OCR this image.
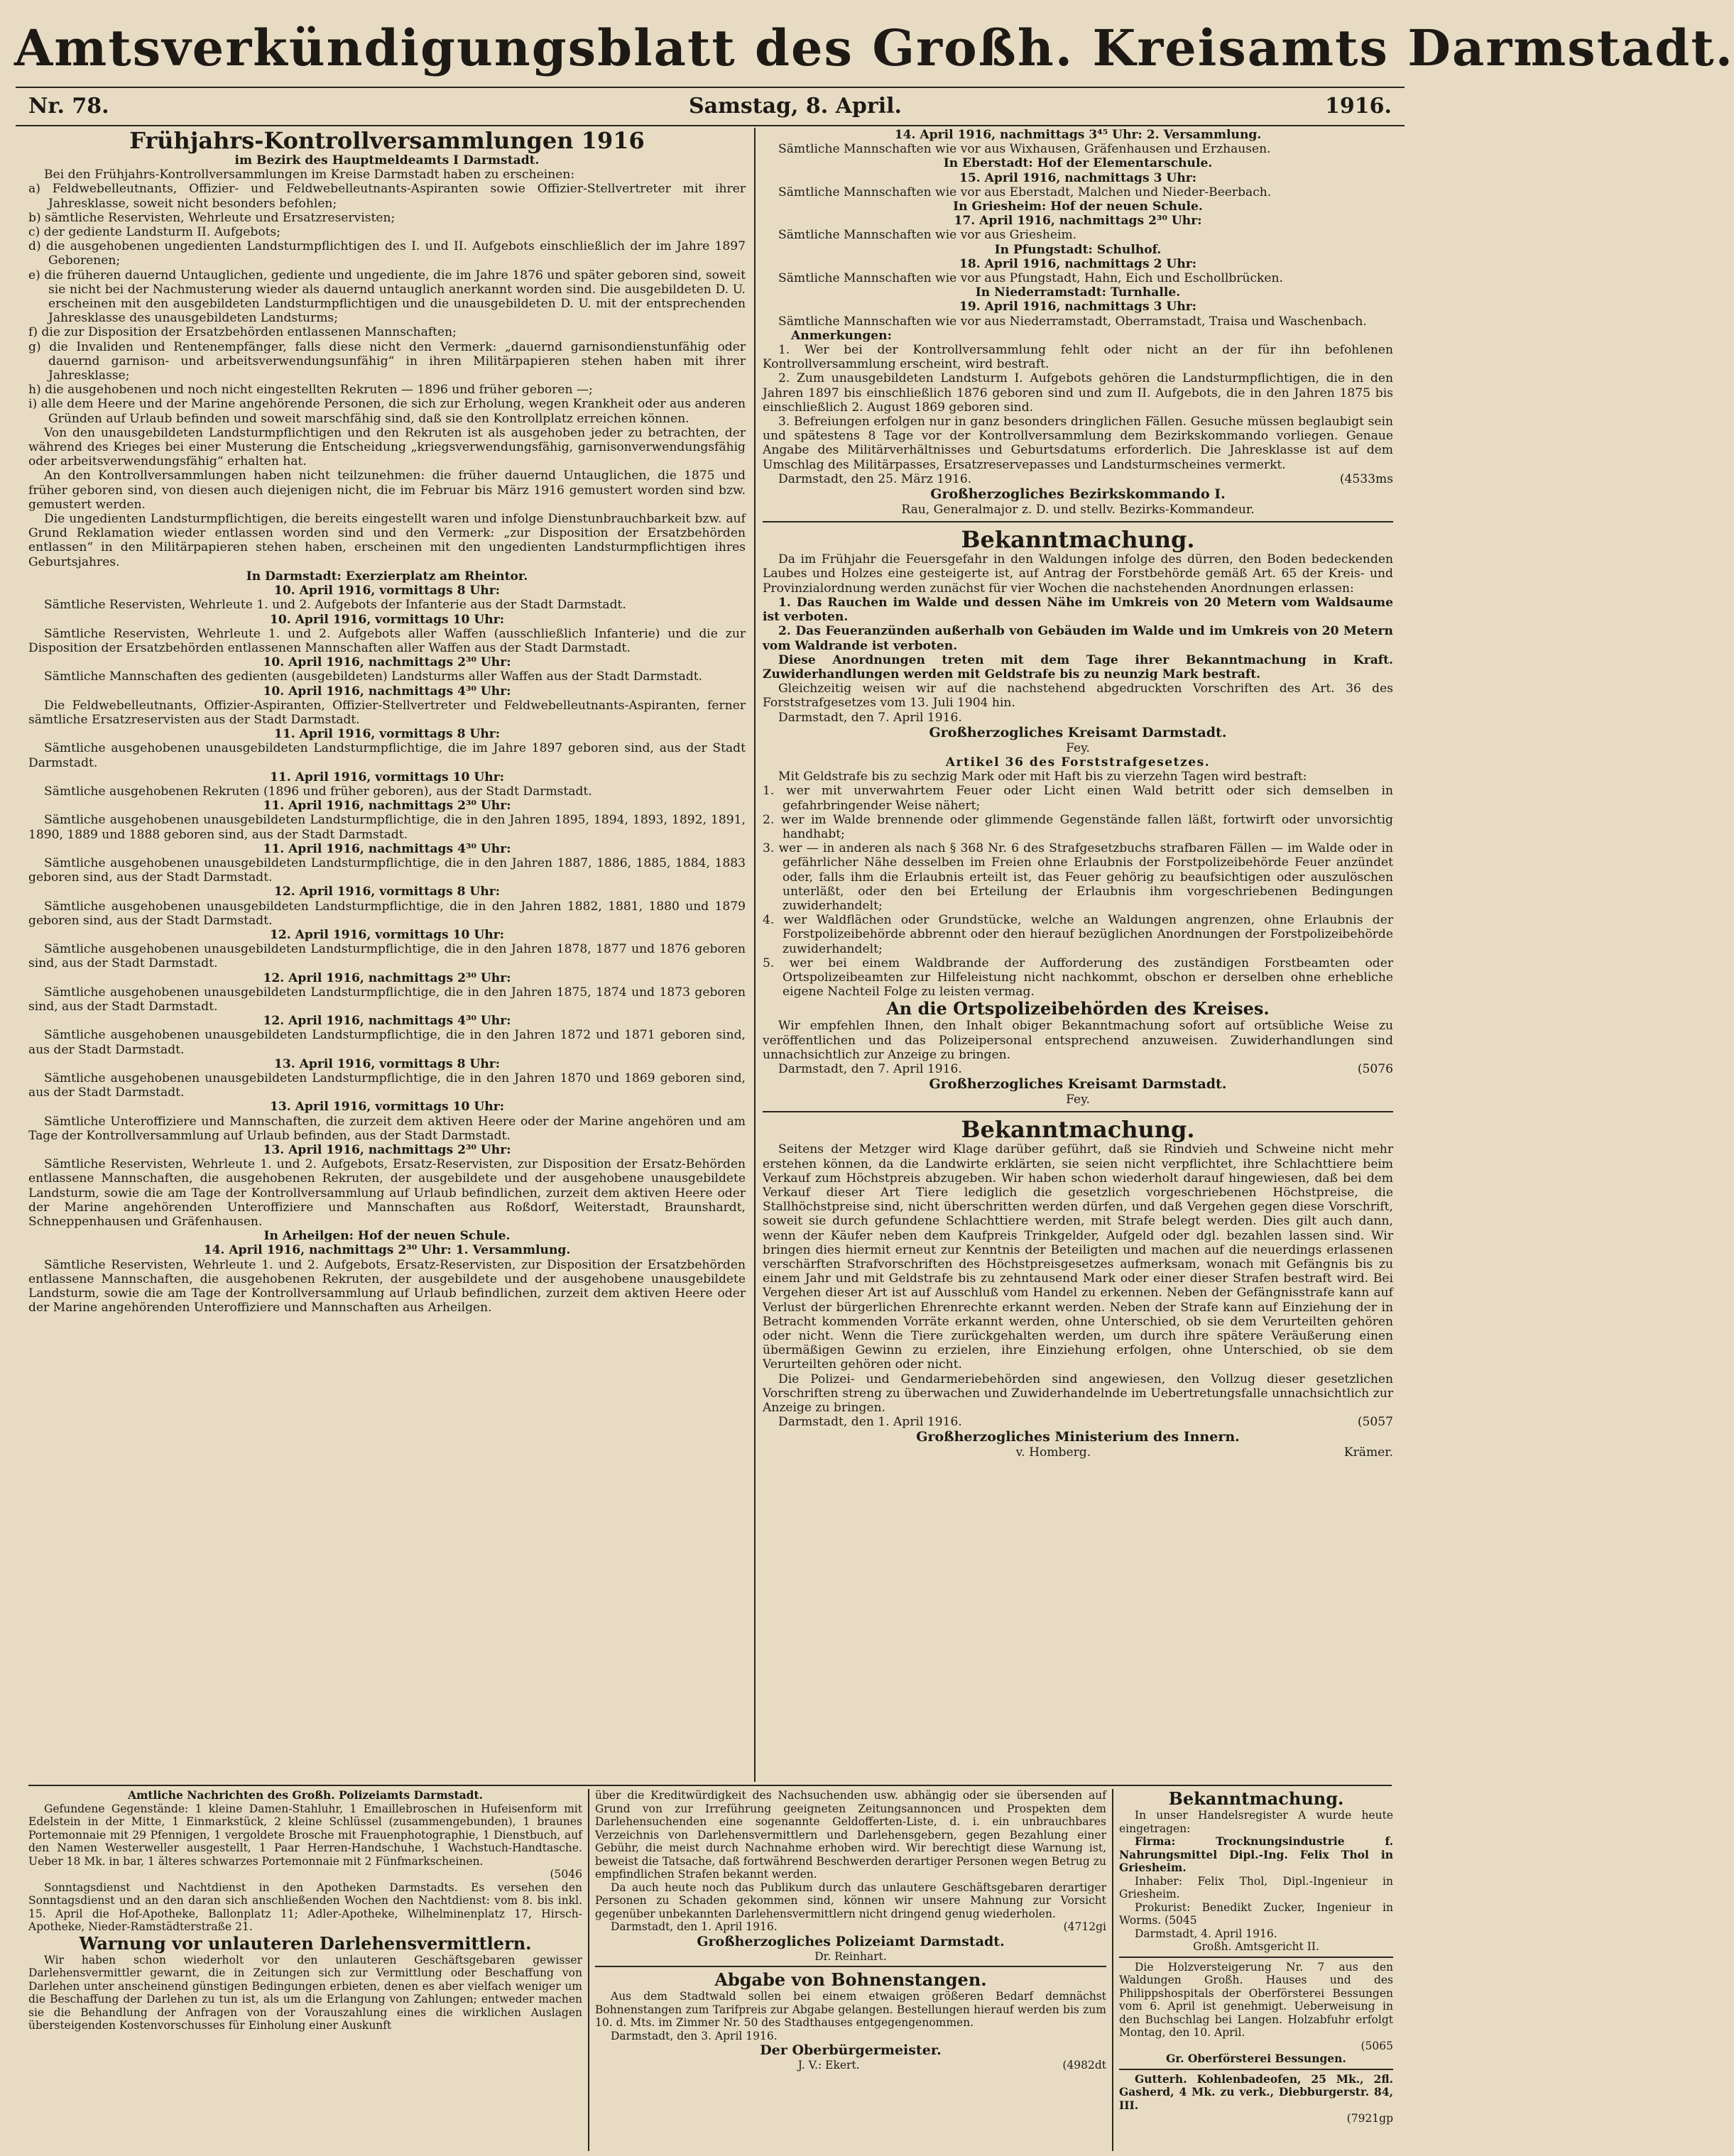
Amtsverkündigungsblatt des Großh. Kreisamts Darmstadt.
Nr. 78.	Samstag, 8. April.	1916.
Frühjahrs-Kontrollversammlungen 1916

im Bezirk des Hauptmeldeamts I Darmstadt.

Bei den Frühjahrs-Kontrollversammlungen im Kreise Darmstadt haben zu erscheinen:

a) Feldwebelleutnants, Offizier- und Feldwebelleutnants-Aspiranten sowie Offizier-Stellvertreter mit ihrer Jahresklasse, soweit nicht besonders befohlen;
b) sämtliche Reservisten, Wehrleute und Ersatzreservisten;
c) der gediente Landsturm II. Aufgebots;
d) die ausgehobenen ungedienten Landsturmpflichtigen des I. und II. Aufgebots einschließlich der im Jahre 1897 Geborenen;
e) die früheren dauernd Untauglichen, gediente und ungediente, die im Jahre 1876 und später geboren sind, soweit sie nicht bei der Nachmusterung wieder als dauernd untauglich anerkannt worden sind. Die ausgebildeten D. U. erscheinen mit den ausgebildeten Landsturmpflichtigen und die unausgebildeten D. U. mit der entsprechenden Jahresklasse des unausgebildeten Landsturms;
f) die zur Disposition der Ersatzbehörden entlassenen Mannschaften;
g) die Invaliden und Rentenempfänger, falls diese nicht den Vermerk: „dauernd garnisondienstunfähig oder dauernd garnison- und arbeitsverwendungsunfähig“ in ihren Militärpapieren stehen haben mit ihrer Jahresklasse;
h) die ausgehobenen und noch nicht eingestellten Rekruten — 1896 und früher geboren —;
i) alle dem Heere und der Marine angehörende Personen, die sich zur Erholung, wegen Krankheit oder aus anderen Gründen auf Urlaub befinden und soweit marschfähig sind, daß sie den Kontrollplatz erreichen können.

Von den unausgebildeten Landsturmpflichtigen und den Rekruten ist als ausgehoben jeder zu betrachten, der während des Krieges bei einer Musterung die Entscheidung „kriegsverwendungsfähig, garnisonverwendungsfähig oder arbeitsverwendungsfähig“ erhalten hat.

An den Kontrollversammlungen haben nicht teilzunehmen: die früher dauernd Untauglichen, die 1875 und früher geboren sind, von diesen auch diejenigen nicht, die im Februar bis März 1916 gemustert worden sind bzw. gemustert werden.

Die ungedienten Landsturmpflichtigen, die bereits eingestellt waren und infolge Dienstunbrauchbarkeit bzw. auf Grund Reklamation wieder entlassen worden sind und den Vermerk: „zur Disposition der Ersatzbehörden entlassen“ in den Militärpapieren stehen haben, erscheinen mit den ungedienten Landsturmpflichtigen ihres Geburtsjahres.

In Darmstadt: Exerzierplatz am Rheintor.

10. April 1916, vormittags 8 Uhr:

Sämtliche Reservisten, Wehrleute 1. und 2. Aufgebots der Infanterie aus der Stadt Darmstadt.

10. April 1916, vormittags 10 Uhr:

Sämtliche Reservisten, Wehrleute 1. und 2. Aufgebots aller Waffen (ausschließlich Infanterie) und die zur Disposition der Ersatzbehörden entlassenen Mannschaften aller Waffen aus der Stadt Darmstadt.

10. April 1916, nachmittags 2³⁰ Uhr:

Sämtliche Mannschaften des gedienten (ausgebildeten) Landsturms aller Waffen aus der Stadt Darmstadt.

10. April 1916, nachmittags 4³⁰ Uhr:

Die Feldwebelleutnants, Offizier-Aspiranten, Offizier-Stellvertreter und Feldwebelleutnants-Aspiranten, ferner sämtliche Ersatzreservisten aus der Stadt Darmstadt.

11. April 1916, vormittags 8 Uhr:

Sämtliche ausgehobenen unausgebildeten Landsturmpflichtige, die im Jahre 1897 geboren sind, aus der Stadt Darmstadt.

11. April 1916, vormittags 10 Uhr:

Sämtliche ausgehobenen Rekruten (1896 und früher geboren), aus der Stadt Darmstadt.

11. April 1916, nachmittags 2³⁰ Uhr:

Sämtliche ausgehobenen unausgebildeten Landsturmpflichtige, die in den Jahren 1895, 1894, 1893, 1892, 1891, 1890, 1889 und 1888 geboren sind, aus der Stadt Darmstadt.

11. April 1916, nachmittags 4³⁰ Uhr:

Sämtliche ausgehobenen unausgebildeten Landsturmpflichtige, die in den Jahren 1887, 1886, 1885, 1884, 1883 geboren sind, aus der Stadt Darmstadt.

12. April 1916, vormittags 8 Uhr:

Sämtliche ausgehobenen unausgebildeten Landsturmpflichtige, die in den Jahren 1882, 1881, 1880 und 1879 geboren sind, aus der Stadt Darmstadt.

12. April 1916, vormittags 10 Uhr:

Sämtliche ausgehobenen unausgebildeten Landsturmpflichtige, die in den Jahren 1878, 1877 und 1876 geboren sind, aus der Stadt Darmstadt.

12. April 1916, nachmittags 2³⁰ Uhr:

Sämtliche ausgehobenen unausgebildeten Landsturmpflichtige, die in den Jahren 1875, 1874 und 1873 geboren sind, aus der Stadt Darmstadt.

12. April 1916, nachmittags 4³⁰ Uhr:

Sämtliche ausgehobenen unausgebildeten Landsturmpflichtige, die in den Jahren 1872 und 1871 geboren sind, aus der Stadt Darmstadt.

13. April 1916, vormittags 8 Uhr:

Sämtliche ausgehobenen unausgebildeten Landsturmpflichtige, die in den Jahren 1870 und 1869 geboren sind, aus der Stadt Darmstadt.

13. April 1916, vormittags 10 Uhr:

Sämtliche Unteroffiziere und Mannschaften, die zurzeit dem aktiven Heere oder der Marine angehören und am Tage der Kontrollversammlung auf Urlaub befinden, aus der Stadt Darmstadt.

13. April 1916, nachmittags 2³⁰ Uhr:

Sämtliche Reservisten, Wehrleute 1. und 2. Aufgebots, Ersatz-Reservisten, zur Disposition der Ersatz-Behörden entlassene Mannschaften, die ausgehobenen Rekruten, der ausgebildete und der ausgehobene unausgebildete Landsturm, sowie die am Tage der Kontrollversammlung auf Urlaub befindlichen, zurzeit dem aktiven Heere oder der Marine angehörenden Unteroffiziere und Mannschaften aus Roßdorf, Weiterstadt, Braunshardt, Schneppenhausen und Gräfenhausen.

In Arheilgen: Hof der neuen Schule.

14. April 1916, nachmittags 2³⁰ Uhr: 1. Versammlung.

Sämtliche Reservisten, Wehrleute 1. und 2. Aufgebots, Ersatz-Reservisten, zur Disposition der Ersatzbehörden entlassene Mannschaften, die ausgehobenen Rekruten, der ausgebildete und der ausgehobene unausgebildete Landsturm, sowie die am Tage der Kontrollversammlung auf Urlaub befindlichen, zurzeit dem aktiven Heere oder der Marine angehörenden Unteroffiziere und Mannschaften aus Arheilgen.

14. April 1916, nachmittags 3⁴⁵ Uhr: 2. Versammlung.

Sämtliche Mannschaften wie vor aus Wixhausen, Gräfenhausen und Erzhausen.

In Eberstadt: Hof der Elementarschule.

15. April 1916, nachmittags 3 Uhr:

Sämtliche Mannschaften wie vor aus Eberstadt, Malchen und Nieder-Beerbach.

In Griesheim: Hof der neuen Schule.

17. April 1916, nachmittags 2³⁰ Uhr:

Sämtliche Mannschaften wie vor aus Griesheim.

In Pfungstadt: Schulhof.

18. April 1916, nachmittags 2 Uhr:

Sämtliche Mannschaften wie vor aus Pfungstadt, Hahn, Eich und Eschollbrücken.

In Niederramstadt: Turnhalle.

19. April 1916, nachmittags 3 Uhr:

Sämtliche Mannschaften wie vor aus Niederramstadt, Oberramstadt, Traisa und Waschenbach.

Anmerkungen:

1. Wer bei der Kontrollversammlung fehlt oder nicht an der für ihn befohlenen Kontrollversammlung erscheint, wird bestraft.

2. Zum unausgebildeten Landsturm I. Aufgebots gehören die Landsturmpflichtigen, die in den Jahren 1897 bis einschließlich 1876 geboren sind und zum II. Aufgebots, die in den Jahren 1875 bis einschließlich 2. August 1869 geboren sind.

3. Befreiungen erfolgen nur in ganz besonders dringlichen Fällen. Gesuche müssen beglaubigt sein und spätestens 8 Tage vor der Kontrollversammlung dem Bezirkskommando vorliegen. Genaue Angabe des Militärverhältnisses und Geburtsdatums erforderlich. Die Jahresklasse ist auf dem Umschlag des Militärpasses, Ersatzreservepasses und Landsturmscheines vermerkt.

Darmstadt, den 25. März 1916.	(4533ms

Großherzogliches Bezirkskommando I.

Rau, Generalmajor z. D. und stellv. Bezirks-Kommandeur.

Bekanntmachung.

Da im Frühjahr die Feuersgefahr in den Waldungen infolge des dürren, den Boden bedeckenden Laubes und Holzes eine gesteigerte ist, auf Antrag der Forstbehörde gemäß Art. 65 der Kreis- und Provinzialordnung werden zunächst für vier Wochen die nachstehenden Anordnungen erlassen:

1. Das Rauchen im Walde und dessen Nähe im Umkreis von 20 Metern vom Waldsaume ist verboten.

2. Das Feueranzünden außerhalb von Gebäuden im Walde und im Umkreis von 20 Metern vom Waldrande ist verboten.

Diese Anordnungen treten mit dem Tage ihrer Bekanntmachung in Kraft. Zuwiderhandlungen werden mit Geldstrafe bis zu neunzig Mark bestraft.

Gleichzeitig weisen wir auf die nachstehend abgedruckten Vorschriften des Art. 36 des Forststrafgesetzes vom 13. Juli 1904 hin.

Darmstadt, den 7. April 1916.

Großherzogliches Kreisamt Darmstadt.

Fey.

Artikel 36 des Forststrafgesetzes.

Mit Geldstrafe bis zu sechzig Mark oder mit Haft bis zu vierzehn Tagen wird bestraft:

1. wer mit unverwahrtem Feuer oder Licht einen Wald betritt oder sich demselben in gefahrbringender Weise nähert;
2. wer im Walde brennende oder glimmende Gegenstände fallen läßt, fortwirft oder unvorsichtig handhabt;
3. wer — in anderen als nach § 368 Nr. 6 des Strafgesetzbuchs strafbaren Fällen — im Walde oder in gefährlicher Nähe desselben im Freien ohne Erlaubnis der Forstpolizeibehörde Feuer anzündet oder, falls ihm die Erlaubnis erteilt ist, das Feuer gehörig zu beaufsichtigen oder auszulöschen unterläßt, oder den bei Erteilung der Erlaubnis ihm vorgeschriebenen Bedingungen zuwiderhandelt;
4. wer Waldflächen oder Grundstücke, welche an Waldungen angrenzen, ohne Erlaubnis der Forstpolizeibehörde abbrennt oder den hierauf bezüglichen Anordnungen der Forstpolizeibehörde zuwiderhandelt;
5. wer bei einem Waldbrande der Aufforderung des zuständigen Forstbeamten oder Ortspolizeibeamten zur Hilfeleistung nicht nachkommt, obschon er derselben ohne erhebliche eigene Nachteil Folge zu leisten vermag.
An die Ortspolizeibehörden des Kreises.

Wir empfehlen Ihnen, den Inhalt obiger Bekanntmachung sofort auf ortsübliche Weise zu veröffentlichen und das Polizeipersonal entsprechend anzuweisen. Zuwiderhandlungen sind unnachsichtlich zur Anzeige zu bringen.

Darmstadt, den 7. April 1916.	(5076

Großherzogliches Kreisamt Darmstadt.

Fey.

Bekanntmachung.

Seitens der Metzger wird Klage darüber geführt, daß sie Rindvieh und Schweine nicht mehr erstehen können, da die Landwirte erklärten, sie seien nicht verpflichtet, ihre Schlachttiere beim Verkauf zum Höchstpreis abzugeben. Wir haben schon wiederholt darauf hingewiesen, daß bei dem Verkauf dieser Art Tiere lediglich die gesetzlich vorgeschriebenen Höchstpreise, die Stallhöchstpreise sind, nicht überschritten werden dürfen, und daß Vergehen gegen diese Vorschrift, soweit sie durch gefundene Schlachttiere werden, mit Strafe belegt werden. Dies gilt auch dann, wenn der Käufer neben dem Kaufpreis Trinkgelder, Aufgeld oder dgl. bezahlen lassen sind. Wir bringen dies hiermit erneut zur Kenntnis der Beteiligten und machen auf die neuerdings erlassenen verschärften Strafvorschriften des Höchstpreisgesetzes aufmerksam, wonach mit Gefängnis bis zu einem Jahr und mit Geldstrafe bis zu zehntausend Mark oder einer dieser Strafen bestraft wird. Bei Vergehen dieser Art ist auf Ausschluß vom Handel zu erkennen. Neben der Gefängnisstrafe kann auf Verlust der bürgerlichen Ehrenrechte erkannt werden. Neben der Strafe kann auf Einziehung der in Betracht kommenden Vorräte erkannt werden, ohne Unterschied, ob sie dem Verurteilten gehören oder nicht. Wenn die Tiere zurückgehalten werden, um durch ihre spätere Veräußerung einen übermäßigen Gewinn zu erzielen, ihre Einziehung erfolgen, ohne Unterschied, ob sie dem Verurteilten gehören oder nicht.

Die Polizei- und Gendarmeriebehörden sind angewiesen, den Vollzug dieser gesetzlichen Vorschriften streng zu überwachen und Zuwiderhandelnde im Uebertretungsfalle unnachsichtlich zur Anzeige zu bringen.

Darmstadt, den 1. April 1916.	(5057

Großherzogliches Ministerium des Innern.

v. Homberg.	Krämer.

Amtliche Nachrichten des Großh. Polizeiamts Darmstadt.

Gefundene Gegenstände: 1 kleine Damen-Stahluhr, 1 Emaillebroschen in Hufeisenform mit Edelstein in der Mitte, 1 Einmarkstück, 2 kleine Schlüssel (zusammengebunden), 1 braunes Portemonnaie mit 29 Pfennigen, 1 vergoldete Brosche mit Frauenphotographie, 1 Dienstbuch, auf den Namen Westerweller ausgestellt, 1 Paar Herren-Handschuhe, 1 Wachstuch-Handtasche. Ueber 18 Mk. in bar, 1 älteres schwarzes Portemonnaie mit 2 Fünfmarkscheinen.

(5046

Sonntagsdienst und Nachtdienst in den Apotheken Darmstadts. Es versehen den Sonntagsdienst und an den daran sich anschließenden Wochen den Nachtdienst: vom 8. bis inkl. 15. April die Hof-Apotheke, Ballonplatz 11; Adler-Apotheke, Wilhelminenplatz 17, Hirsch-Apotheke, Nieder-Ramstädterstraße 21.

Warnung vor unlauteren Darlehensvermittlern.

Wir haben schon wiederholt vor den unlauteren Geschäftsgebaren gewisser Darlehensvermittler gewarnt, die in Zeitungen sich zur Vermittlung oder Beschaffung von Darlehen unter anscheinend günstigen Bedingungen erbieten, denen es aber vielfach weniger um die Beschaffung der Darlehen zu tun ist, als um die Erlangung von Zahlungen; entweder machen sie die Behandlung der Anfragen von der Vorauszahlung eines die wirklichen Auslagen übersteigenden Kostenvorschusses für Einholung einer Auskunft

über die Kreditwürdigkeit des Nachsuchenden usw. abhängig oder sie übersenden auf Grund von zur Irreführung geeigneten Zeitungsannoncen und Prospekten dem Darlehensuchenden eine sogenannte Geldofferten-Liste, d. i. ein unbrauchbares Verzeichnis von Darlehensvermittlern und Darlehensgebern, gegen Bezahlung einer Gebühr, die meist durch Nachnahme erhoben wird. Wir berechtigt diese Warnung ist, beweist die Tatsache, daß fortwährend Beschwerden derartiger Personen wegen Betrug zu empfindlichen Strafen bekannt werden.

Da auch heute noch das Publikum durch das unlautere Geschäftsgebaren derartiger Personen zu Schaden gekommen sind, können wir unsere Mahnung zur Vorsicht gegenüber unbekannten Darlehensvermittlern nicht dringend genug wiederholen.

Darmstadt, den 1. April 1916.	(4712gi

Großherzogliches Polizeiamt Darmstadt.

Dr. Reinhart.

Abgabe von Bohnenstangen.

Aus dem Stadtwald sollen bei einem etwaigen größeren Bedarf demnächst Bohnenstangen zum Tarifpreis zur Abgabe gelangen. Bestellungen hierauf werden bis zum 10. d. Mts. im Zimmer Nr. 50 des Stadthauses entgegengenommen.

Darmstadt, den 3. April 1916.

Der Oberbürgermeister.

J. V.: Ekert.	(4982dt

Bekanntmachung.

In unser Handelsregister A wurde heute eingetragen:

Firma: Trocknungsindustrie f. Nahrungsmittel Dipl.-Ing. Felix Thol in Griesheim.

Inhaber: Felix Thol, Dipl.-Ingenieur in Griesheim.

Prokurist: Benedikt Zucker, Ingenieur in Worms. (5045

Darmstadt, 4. April 1916.

Großh. Amtsgericht II.

Die Holzversteigerung Nr. 7 aus den Waldungen Großh. Hauses und des Philippshospitals der Oberförsterei Bessungen vom 6. April ist genehmigt. Ueberweisung in den Buchschlag bei Langen. Holzabfuhr erfolgt Montag, den 10. April.

(5065

Gr. Oberförsterei Bessungen.

Gutterh. Kohlenbadeofen, 25 Mk., 2fl. Gasherd, 4 Mk. zu verk., Diebburgerstr. 84, III.

(7921gp
